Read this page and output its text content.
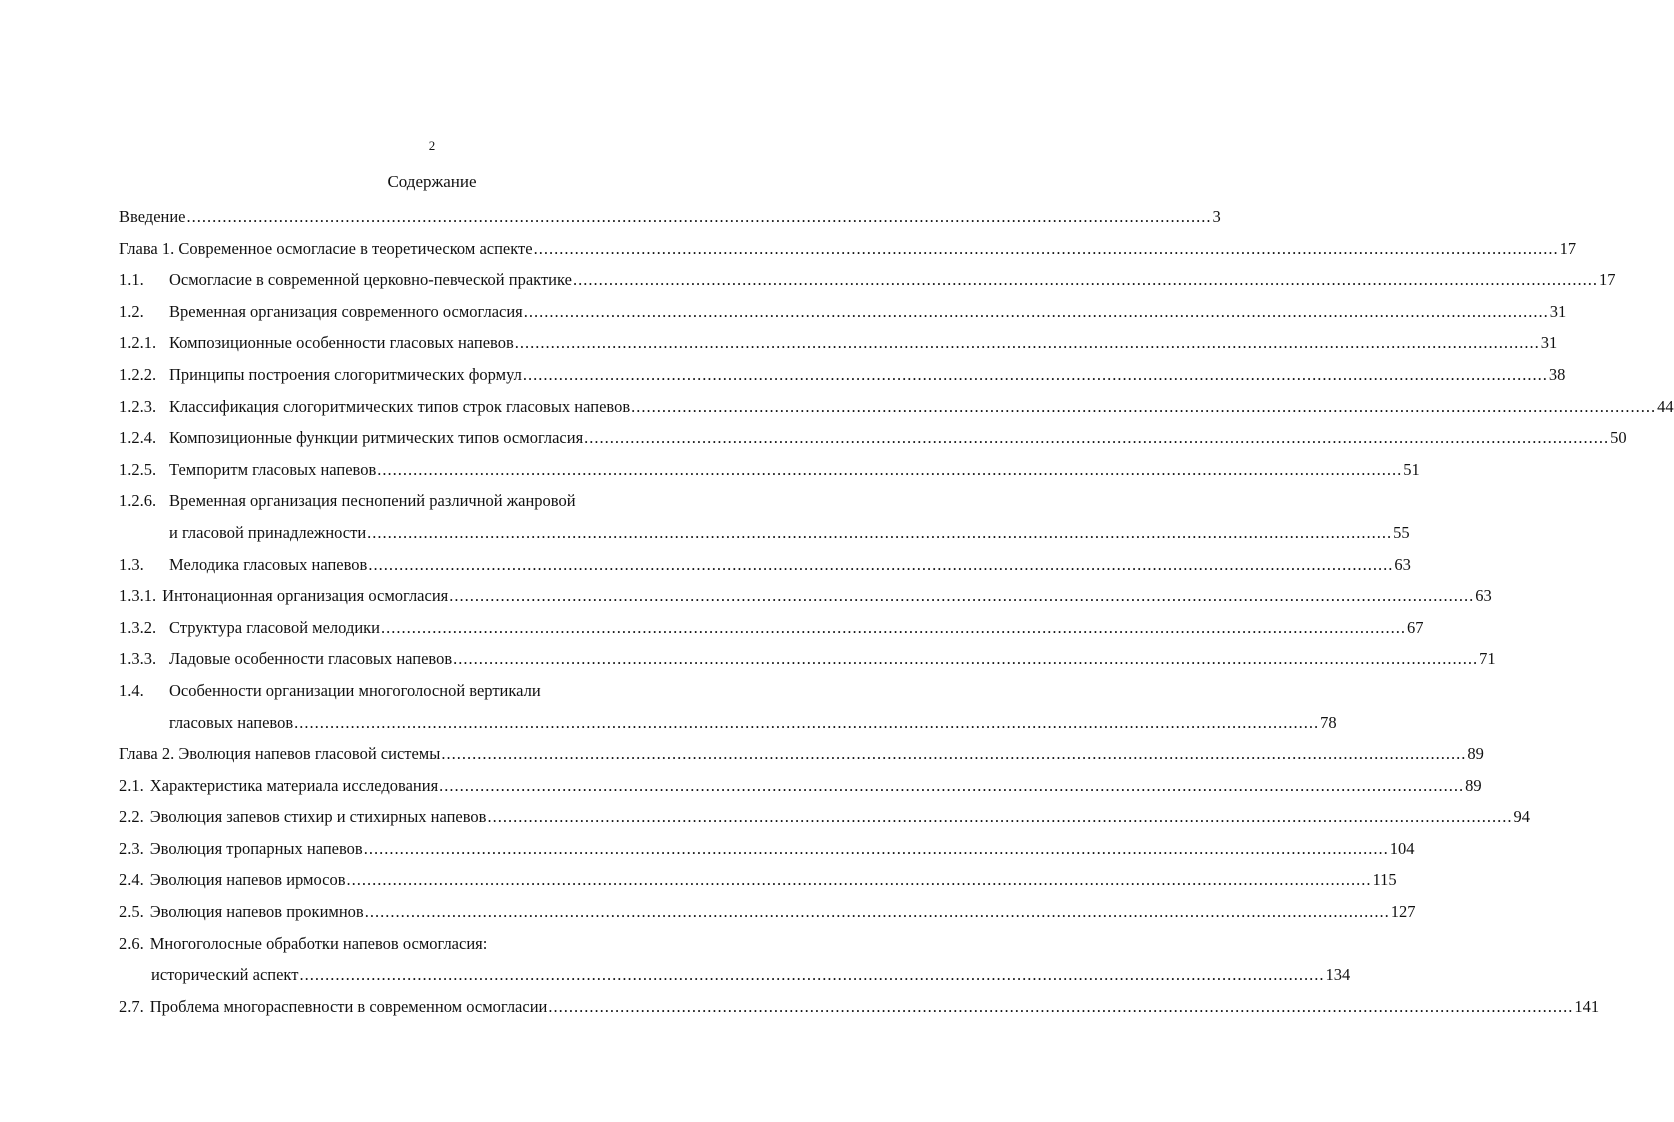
2
Содержание
Введение .....	3
Глава 1. Современное осмогласие в теоретическом аспекте .....	17
1.1.	Осмогласие в современной церковно-певческой практике .....	17
1.2.	Временная организация современного осмогласия .....	31
1.2.1. Композиционные особенности гласовых напевов .....	31
1.2.2. Принципы построения слогоритмических формул .....	38
1.2.3. Классификация слогоритмических типов строк гласовых напевов .....	44
1.2.4. Композиционные функции ритмических типов осмогласия .....	50
1.2.5. Темпоритм гласовых напевов .....	51
1.2.6. Временная организация песнопений различной жанровой
и гласовой принадлежности .....	55
1.3.	Мелодика гласовых напевов .....	63
1.3.1. Интонационная организация осмогласия .....	63
1.3.2. Структура гласовой мелодики .....	67
1.3.3. Ладовые особенности гласовых напевов .....	71
1.4.	Особенности организации многоголосной вертикали
гласовых напевов .....	78
Глава 2. Эволюция напевов гласовой системы .....	89
2.1. Характеристика материала исследования .....	89
2.2. Эволюция запевов стихир и стихирных напевов .....	94
2.3. Эволюция тропарных напевов .....	104
2.4. Эволюция напевов ирмосов .....	115
2.5. Эволюция напевов прокимнов .....	127
2.6. Многоголосные обработки напевов осмогласия:
исторический аспект .....	134
2.7. Проблема многораспевности в современном осмогласии .....	141
